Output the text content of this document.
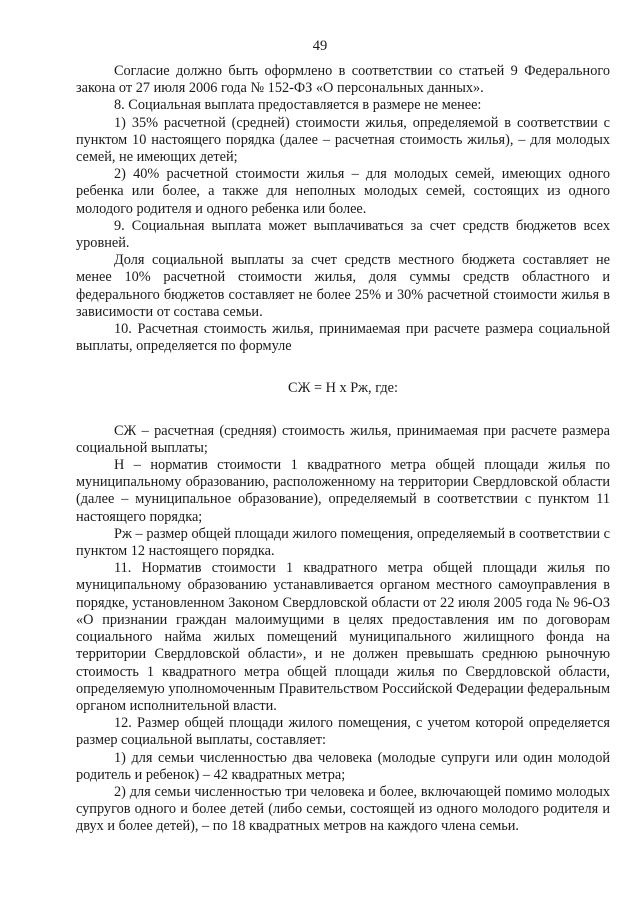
49

Согласие должно быть оформлено в соответствии со статьей 9 Федерального закона от 27 июля 2006 года № 152-ФЗ «О персональных данных».

8. Социальная выплата предоставляется в размере не менее:

1) 35% расчетной (средней) стоимости жилья, определяемой в соответствии с пунктом 10 настоящего порядка (далее – расчетная стоимость жилья), – для молодых семей, не имеющих детей;

2) 40% расчетной стоимости жилья – для молодых семей, имеющих одного ребенка или более, а также для неполных молодых семей, состоящих из одного молодого родителя и одного ребенка или более.

9. Социальная выплата может выплачиваться за счет средств бюджетов всех уровней.

Доля социальной выплаты за счет средств местного бюджета составляет не менее 10% расчетной стоимости жилья, доля суммы средств областного и федерального бюджетов составляет не более 25% и 30% расчетной стоимости жилья в зависимости от состава семьи.

10. Расчетная стоимость жилья, принимаемая при расчете размера социальной выплаты, определяется по формуле

СЖ = Н х Рж, где:

СЖ – расчетная (средняя) стоимость жилья, принимаемая при расчете размера социальной выплаты;

Н – норматив стоимости 1 квадратного метра общей площади жилья по муниципальному образованию, расположенному на территории Свердловской области (далее – муниципальное образование), определяемый в соответствии с пунктом 11 настоящего порядка;

Рж – размер общей площади жилого помещения, определяемый в соответствии с пунктом 12 настоящего порядка.

11. Норматив стоимости 1 квадратного метра общей площади жилья по муниципальному образованию устанавливается органом местного самоуправления в порядке, установленном Законом Свердловской области от 22 июля 2005 года № 96-ОЗ «О признании граждан малоимущими в целях предоставления им по договорам социального найма жилых помещений муниципального жилищного фонда на территории Свердловской области», и не должен превышать среднюю рыночную стоимость 1 квадратного метра общей площади жилья по Свердловской области, определяемую уполномоченным Правительством Российской Федерации федеральным органом исполнительной власти.

12. Размер общей площади жилого помещения, с учетом которой определяется размер социальной выплаты, составляет:

1) для семьи численностью два человека (молодые супруги или один молодой родитель и ребенок) – 42 квадратных метра;

2) для семьи численностью три человека и более, включающей помимо молодых супругов одного и более детей (либо семьи, состоящей из одного молодого родителя и двух и более детей), – по 18 квадратных метров на каждого члена семьи.
